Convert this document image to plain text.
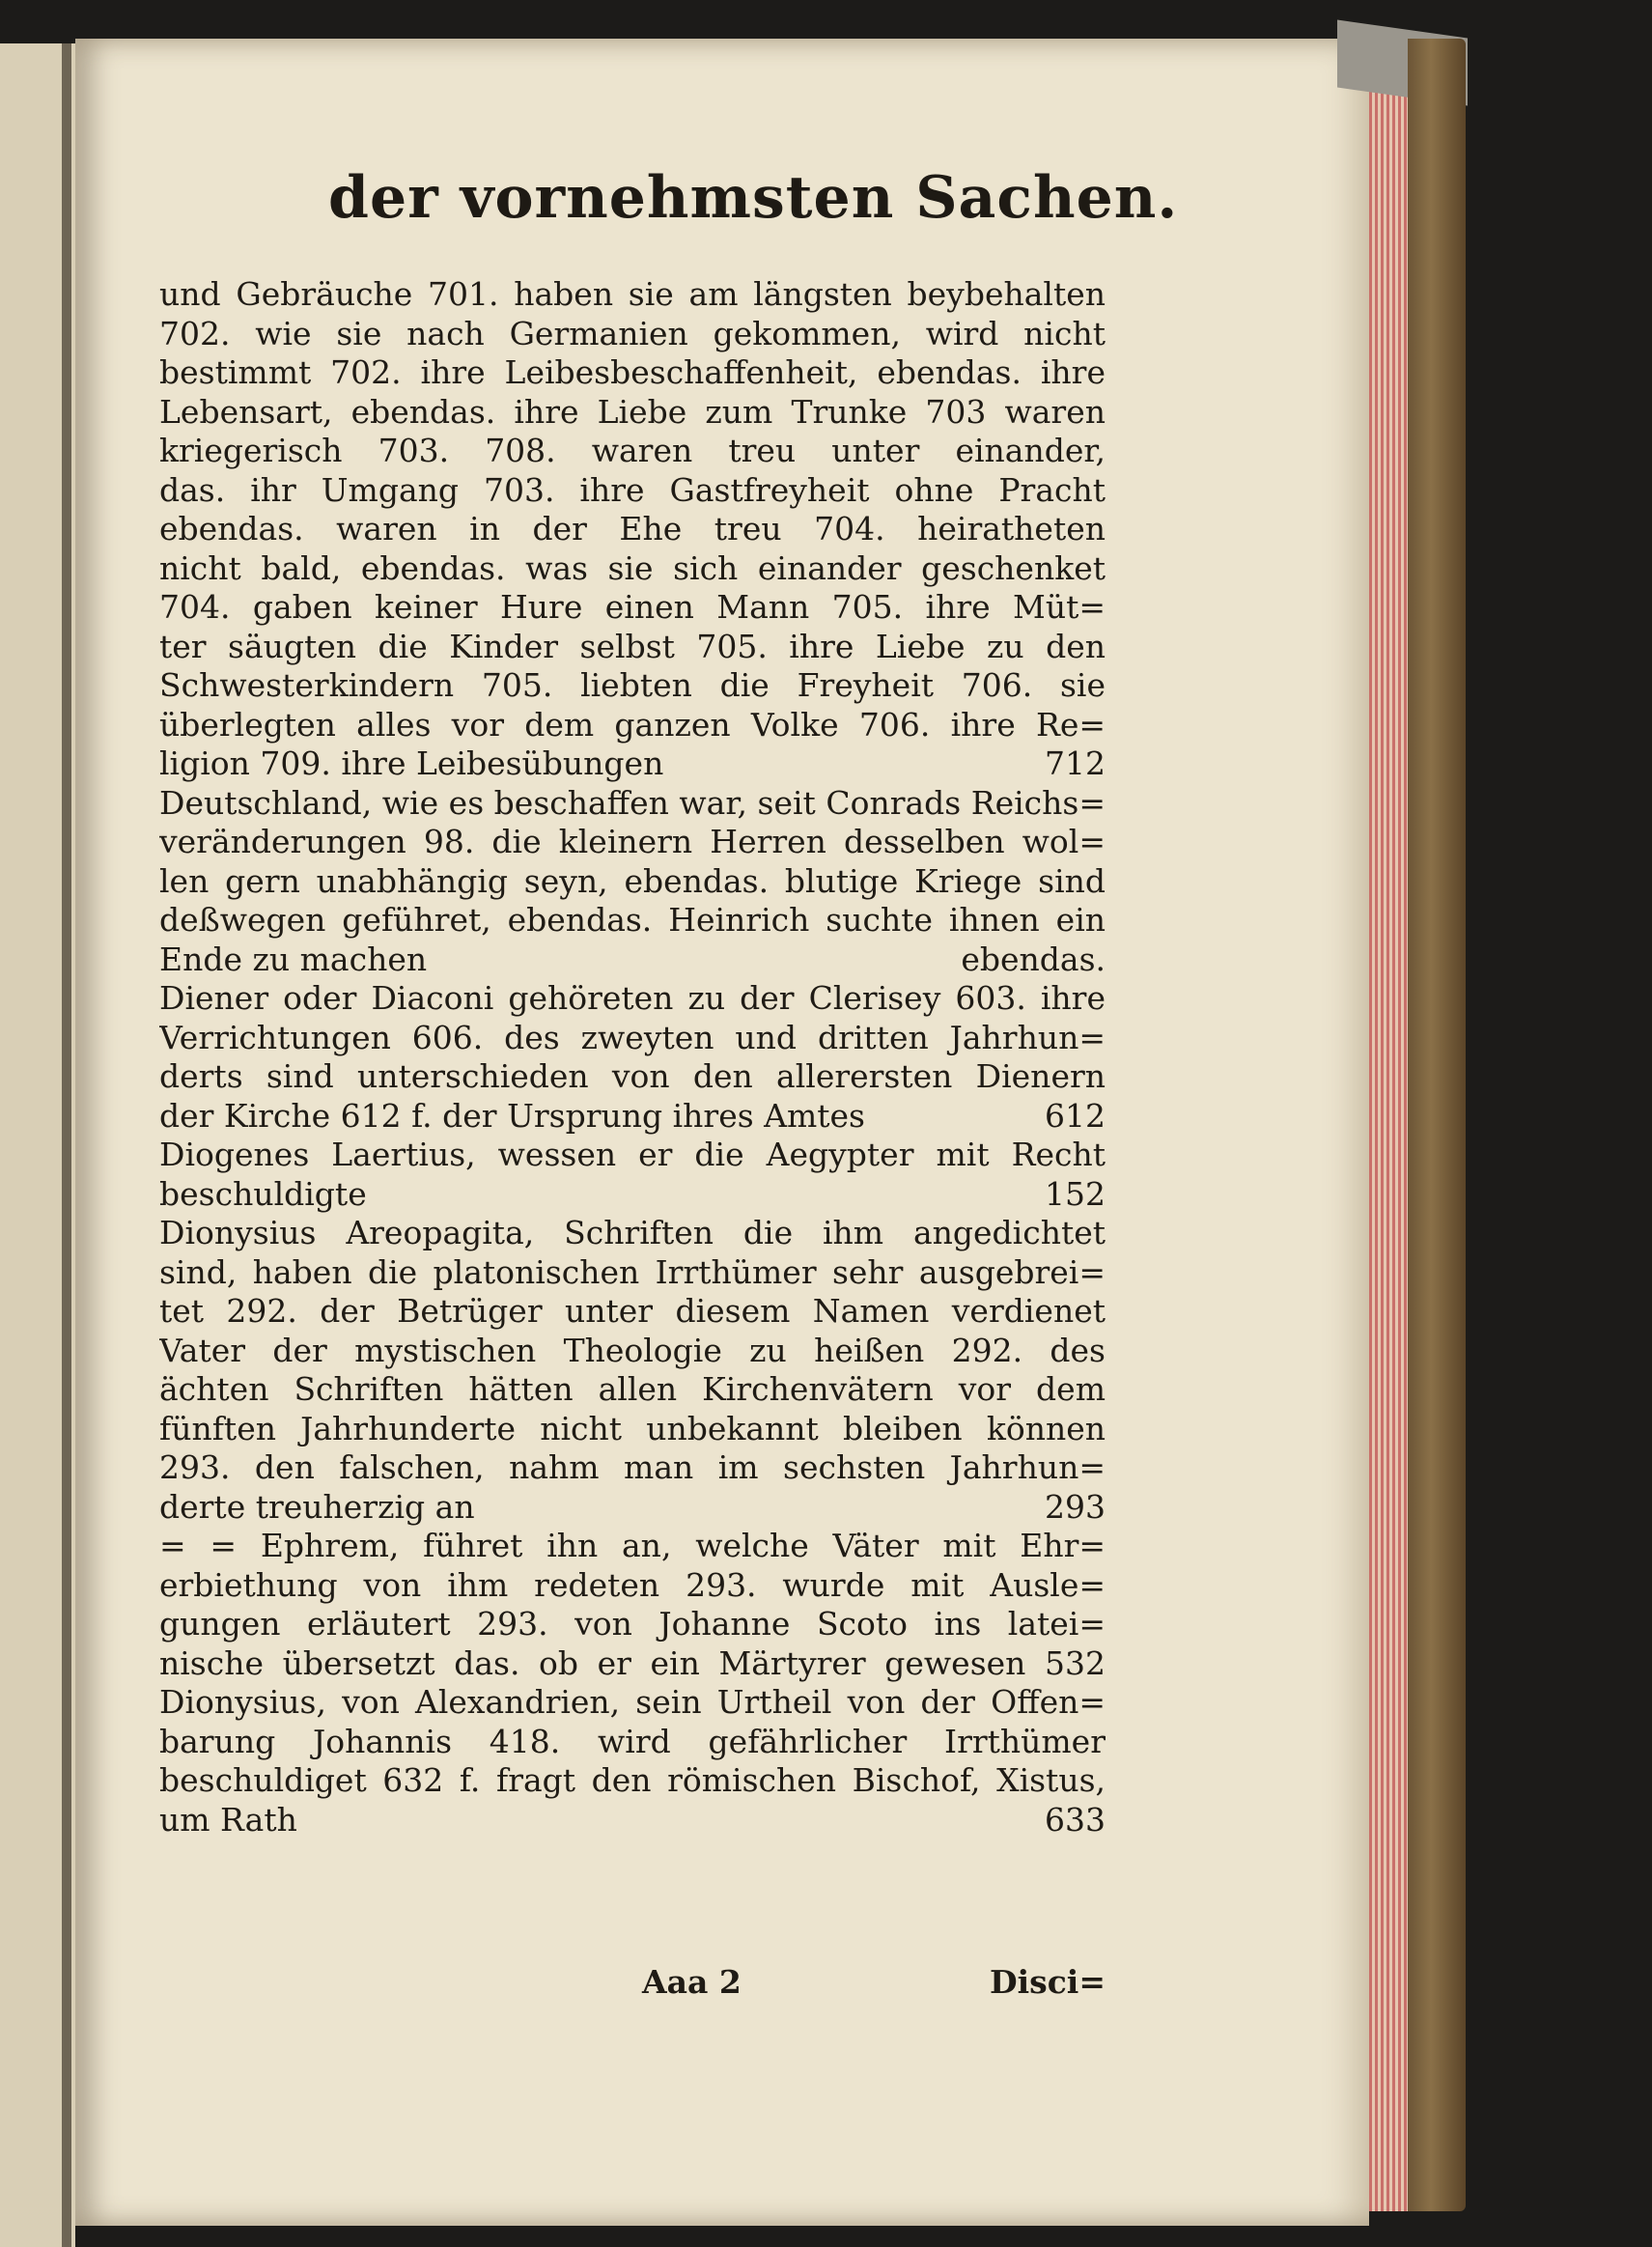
der vornehmsten Sachen.
und Gebräuche 701. haben sie am längsten beybehalten
702. wie sie nach Germanien gekommen, wird nicht
bestimmt 702. ihre Leibesbeschaffenheit, ebendas. ihre
Lebensart, ebendas. ihre Liebe zum Trunke 703 waren
kriegerisch 703. 708. waren treu unter einander,
das. ihr Umgang 703. ihre Gastfreyheit ohne Pracht
ebendas. waren in der Ehe treu 704. heiratheten
nicht bald, ebendas. was sie sich einander geschenket
704. gaben keiner Hure einen Mann 705. ihre Müt=
ter säugten die Kinder selbst 705. ihre Liebe zu den
Schwesterkindern 705. liebten die Freyheit 706. sie
überlegten alles vor dem ganzen Volke 706. ihre Re=
ligion 709. ihre Leibesübungen	712
Deutschland, wie es beschaffen war, seit Conrads Reichs=
veränderungen 98. die kleinern Herren desselben wol=
len gern unabhängig seyn, ebendas. blutige Kriege sind
deßwegen geführet, ebendas. Heinrich suchte ihnen ein
Ende zu machen	ebendas.
Diener oder Diaconi gehöreten zu der Clerisey 603. ihre
Verrichtungen 606. des zweyten und dritten Jahrhun=
derts sind unterschieden von den allerersten Dienern
der Kirche 612 f. der Ursprung ihres Amtes	612
Diogenes Laertius, wessen er die Aegypter mit Recht
beschuldigte	152
Dionysius Areopagita, Schriften die ihm angedichtet
sind, haben die platonischen Irrthümer sehr ausgebrei=
tet 292. der Betrüger unter diesem Namen verdienet
Vater der mystischen Theologie zu heißen 292. des
ächten Schriften hätten allen Kirchenvätern vor dem
fünften Jahrhunderte nicht unbekannt bleiben können
293. den falschen, nahm man im sechsten Jahrhun=
derte treuherzig an	293
= = Ephrem, führet ihn an, welche Väter mit Ehr=
erbiethung von ihm redeten 293. wurde mit Ausle=
gungen erläutert 293. von Johanne Scoto ins latei=
nische übersetzt das. ob er ein Märtyrer gewesen 532
Dionysius, von Alexandrien, sein Urtheil von der Offen=
barung Johannis 418. wird gefährlicher Irrthümer
beschuldiget 632 f. fragt den römischen Bischof, Xistus,
um Rath	633
Aaa 2	Disci=
